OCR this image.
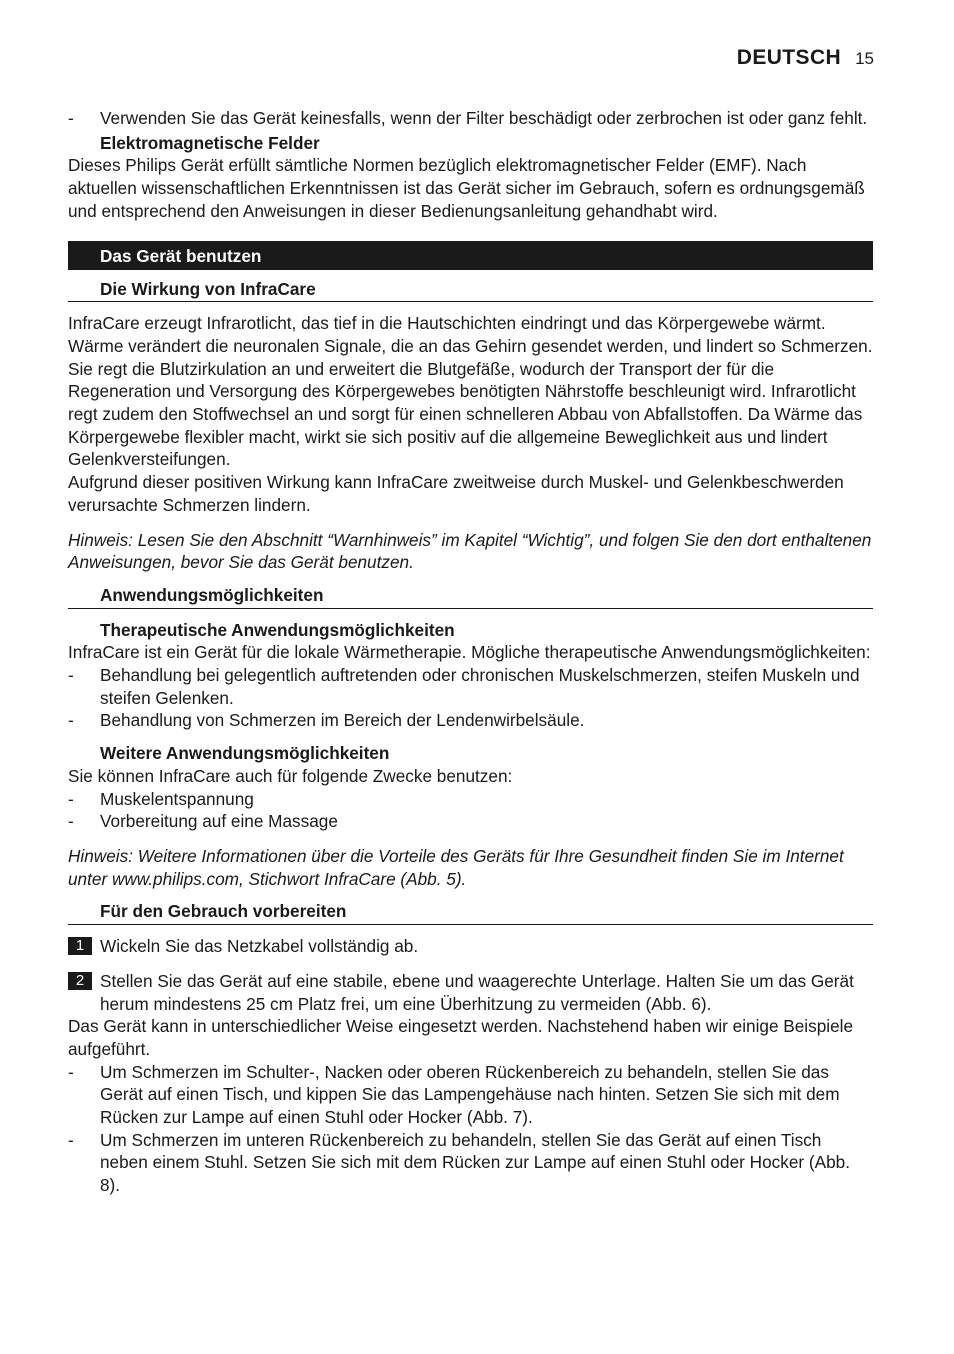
DEUTSCH 15
- Verwenden Sie das Gerät keinesfalls, wenn der Filter beschädigt oder zerbrochen ist oder ganz fehlt.
Elektromagnetische Felder
Dieses Philips Gerät erfüllt sämtliche Normen bezüglich elektromagnetischer Felder (EMF). Nach aktuellen wissenschaftlichen Erkenntnissen ist das Gerät sicher im Gebrauch, sofern es ordnungsgemäß und entsprechend den Anweisungen in dieser Bedienungsanleitung gehandhabt wird.
Das Gerät benutzen
Die Wirkung von InfraCare
InfraCare erzeugt Infrarotlicht, das tief in die Hautschichten eindringt und das Körpergewebe wärmt. Wärme verändert die neuronalen Signale, die an das Gehirn gesendet werden, und lindert so Schmerzen. Sie regt die Blutzirkulation an und erweitert die Blutgefäße, wodurch der Transport der für die Regeneration und Versorgung des Körpergewebes benötigten Nährstoffe beschleunigt wird. Infrarotlicht regt zudem den Stoffwechsel an und sorgt für einen schnelleren Abbau von Abfallstoffen. Da Wärme das Körpergewebe flexibler macht, wirkt sie sich positiv auf die allgemeine Beweglichkeit aus und lindert Gelenkversteifungen.
Aufgrund dieser positiven Wirkung kann InfraCare zweitweise durch Muskel- und Gelenkbeschwerden verursachte Schmerzen lindern.
Hinweis: Lesen Sie den Abschnitt “Warnhinweis” im Kapitel “Wichtig”, und folgen Sie den dort enthaltenen Anweisungen, bevor Sie das Gerät benutzen.
Anwendungsmöglichkeiten
Therapeutische Anwendungsmöglichkeiten
InfraCare ist ein Gerät für die lokale Wärmetherapie. Mögliche therapeutische Anwendungsmöglichkeiten:
- Behandlung bei gelegentlich auftretenden oder chronischen Muskelschmerzen, steifen Muskeln und steifen Gelenken.
- Behandlung von Schmerzen im Bereich der Lendenwirbelsäule.
Weitere Anwendungsmöglichkeiten
Sie können InfraCare auch für folgende Zwecke benutzen:
- Muskelentspannung
- Vorbereitung auf eine Massage
Hinweis: Weitere Informationen über die Vorteile des Geräts für Ihre Gesundheit finden Sie im Internet unter www.philips.com, Stichwort InfraCare (Abb. 5).
Für den Gebrauch vorbereiten
1 Wickeln Sie das Netzkabel vollständig ab.
2 Stellen Sie das Gerät auf eine stabile, ebene und waagerechte Unterlage. Halten Sie um das Gerät herum mindestens 25 cm Platz frei, um eine Überhitzung zu vermeiden (Abb. 6).
Das Gerät kann in unterschiedlicher Weise eingesetzt werden. Nachstehend haben wir einige Beispiele aufgeführt.
- Um Schmerzen im Schulter-, Nacken oder oberen Rückenbereich zu behandeln, stellen Sie das Gerät auf einen Tisch, und kippen Sie das Lampengehäuse nach hinten. Setzen Sie sich mit dem Rücken zur Lampe auf einen Stuhl oder Hocker (Abb. 7).
- Um Schmerzen im unteren Rückenbereich zu behandeln, stellen Sie das Gerät auf einen Tisch neben einem Stuhl. Setzen Sie sich mit dem Rücken zur Lampe auf einen Stuhl oder Hocker (Abb. 8).
